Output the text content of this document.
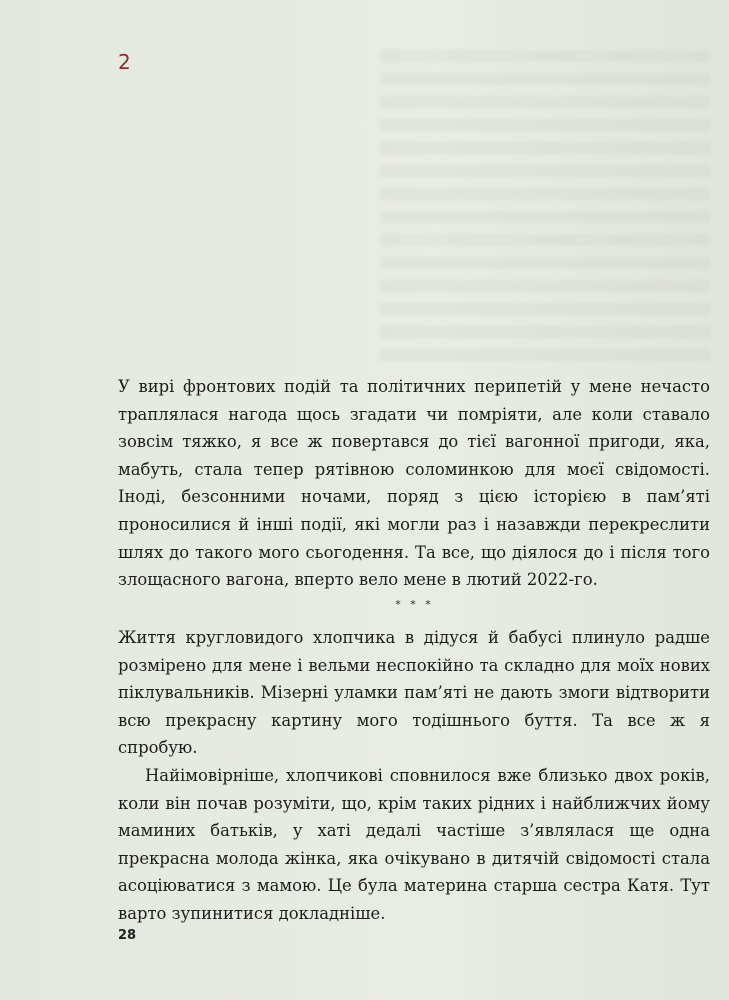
2

У вирі фронтових подій та політичних перипетій у мене нечасто траплялася нагода щось згадати чи помріяти, але коли ставало зовсім тяжко, я все ж повертався до тієї вагонної пригоди, яка, мабуть, стала тепер рятівною соломинкою для моєї свідомості. Іноді, безсонними ночами, поряд з цією історією в пам’яті проносилися й інші події, які могли раз і назавжди перекреслити шлях до такого мого сьогодення. Та все, що діялося до і після того злощасного вагона, вперто вело мене в лютий 2022-го.

* * *

Життя кругловидого хлопчика в дідуся й бабусі плинуло радше розмірено для мене і вельми неспокійно та складно для моїх нових піклувальників. Мізерні уламки пам’яті не дають змоги відтворити всю прекрасну картину мого тодішнього буття. Та все ж я спробую.

Найімовірніше, хлопчикові сповнилося вже близько двох років, коли він почав розуміти, що, крім таких рідних і найближчих йому маминих батьків, у хаті дедалі частіше з’являлася ще одна прекрасна молода жінка, яка очікувано в дитячій свідомості стала асоціюватися з мамою. Це була материна старша сестра Катя. Тут варто зупинитися докладніше.

28
